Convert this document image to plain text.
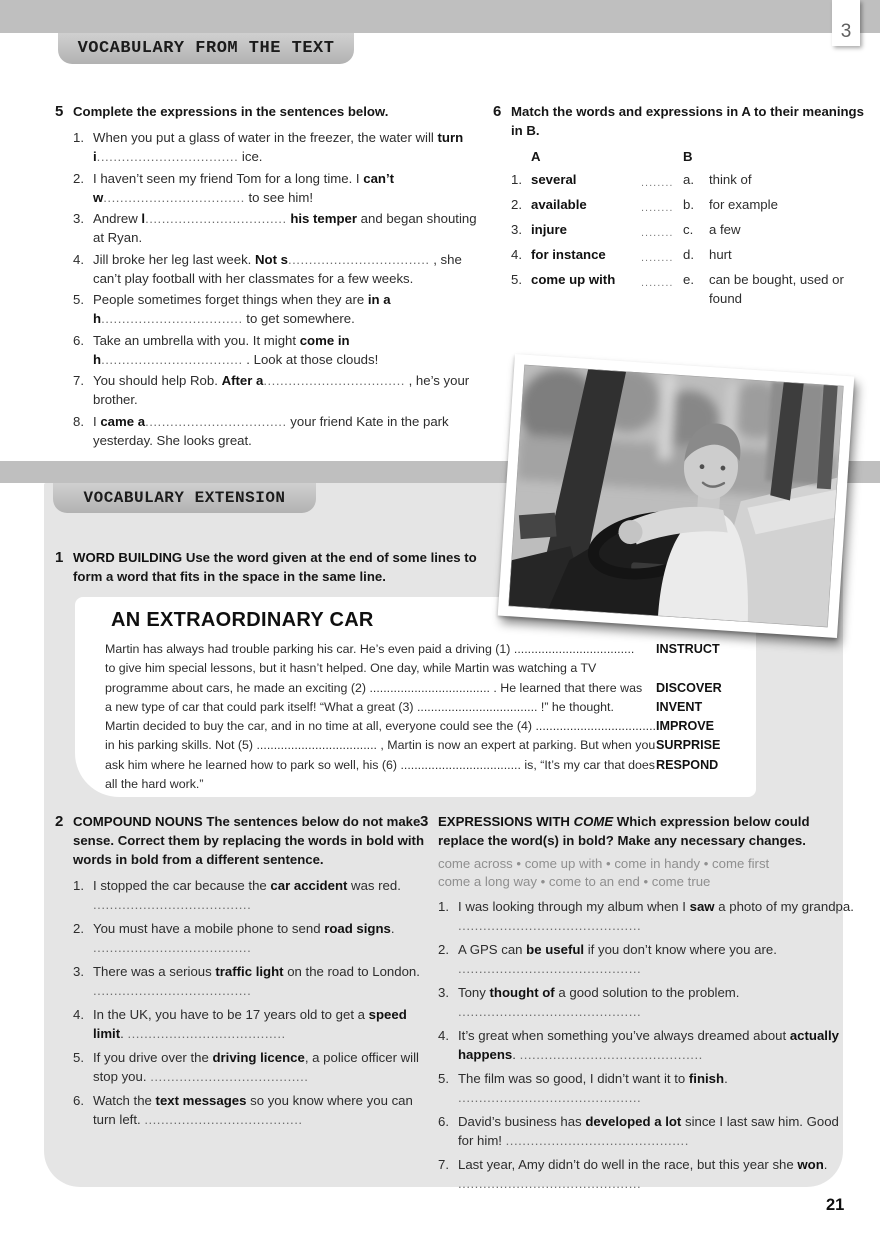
VOCABULARY FROM THE TEXT
3
5 Complete the expressions in the sentences below.

1. When you put a glass of water in the freezer, the water will turn i.................................. ice.
2. I haven’t seen my friend Tom for a long time. I can’t w.................................. to see him!
3. Andrew l.................................. his temper and began shouting at Ryan.
4. Jill broke her leg last week. Not s.................................. , she can’t play football with her classmates for a few weeks.
5. People sometimes forget things when they are in a h.................................. to get somewhere.
6. Take an umbrella with you. It might come in h.................................. . Look at those clouds!
7. You should help Rob. After a.................................. , he’s your brother.
8. I came a.................................. your friend Kate in the park yesterday. She looks great.
6 Match the words and expressions in A to their meanings in B.

A	B
1. several	........ a.	think of
2. available	........ b.	for example
3. injure	........ c.	a few
4. for instance	........ d.	hurt
5. come up with	........ e.	can be bought, used or found
VOCABULARY EXTENSION
1 WORD BUILDING Use the word given at the end of some lines to form a word that fits in the space in the same line.

AN EXTRAORDINARY CAR
Martin has always had trouble parking his car. He’s even paid a driving (1) ...................................	INSTRUCT
to give him special lessons, but it hasn’t helped. One day, while Martin was watching a TV
programme about cars, he made an exciting (2) ................................... . He learned that there was	DISCOVER
a new type of car that could park itself! “What a great (3) ................................... !” he thought.	INVENT
Martin decided to buy the car, and in no time at all, everyone could see the (4) ................................... IMPROVE
in his parking skills. Not (5) ................................... , Martin is now an expert at parking. But when you SURPRISE
ask him where he learned how to park so well, his (6) ................................... is, “It’s my car that does RESPOND
all the hard work.”
2 COMPOUND NOUNS The sentences below do not make sense. Correct them by replacing the words in bold with words in bold from a different sentence.

1. I stopped the car because the car accident was red.
......................................
2. You must have a mobile phone to send road signs.
......................................
3. There was a serious traffic light on the road to London. ......................................
4. In the UK, you have to be 17 years old to get a speed limit. ......................................
5. If you drive over the driving licence, a police officer will stop you. ......................................
6. Watch the text messages so you know where you can turn left. ......................................
3 EXPRESSIONS WITH COME Which expression below could replace the word(s) in bold? Make any necessary changes.

come across • come up with • come in handy • come first

come a long way • come to an end • come true

1. I was looking through my album when I saw a photo of my grandpa. ............................................
2. A GPS can be useful if you don’t know where you are.
............................................
3. Tony thought of a good solution to the problem.
............................................
4. It’s great when something you’ve always dreamed about actually happens. ............................................
5. The film was so good, I didn’t want it to finish.
............................................
6. David’s business has developed a lot since I last saw him. Good for him! ............................................
7. Last year, Amy didn’t do well in the race, but this year she won.
............................................
21
